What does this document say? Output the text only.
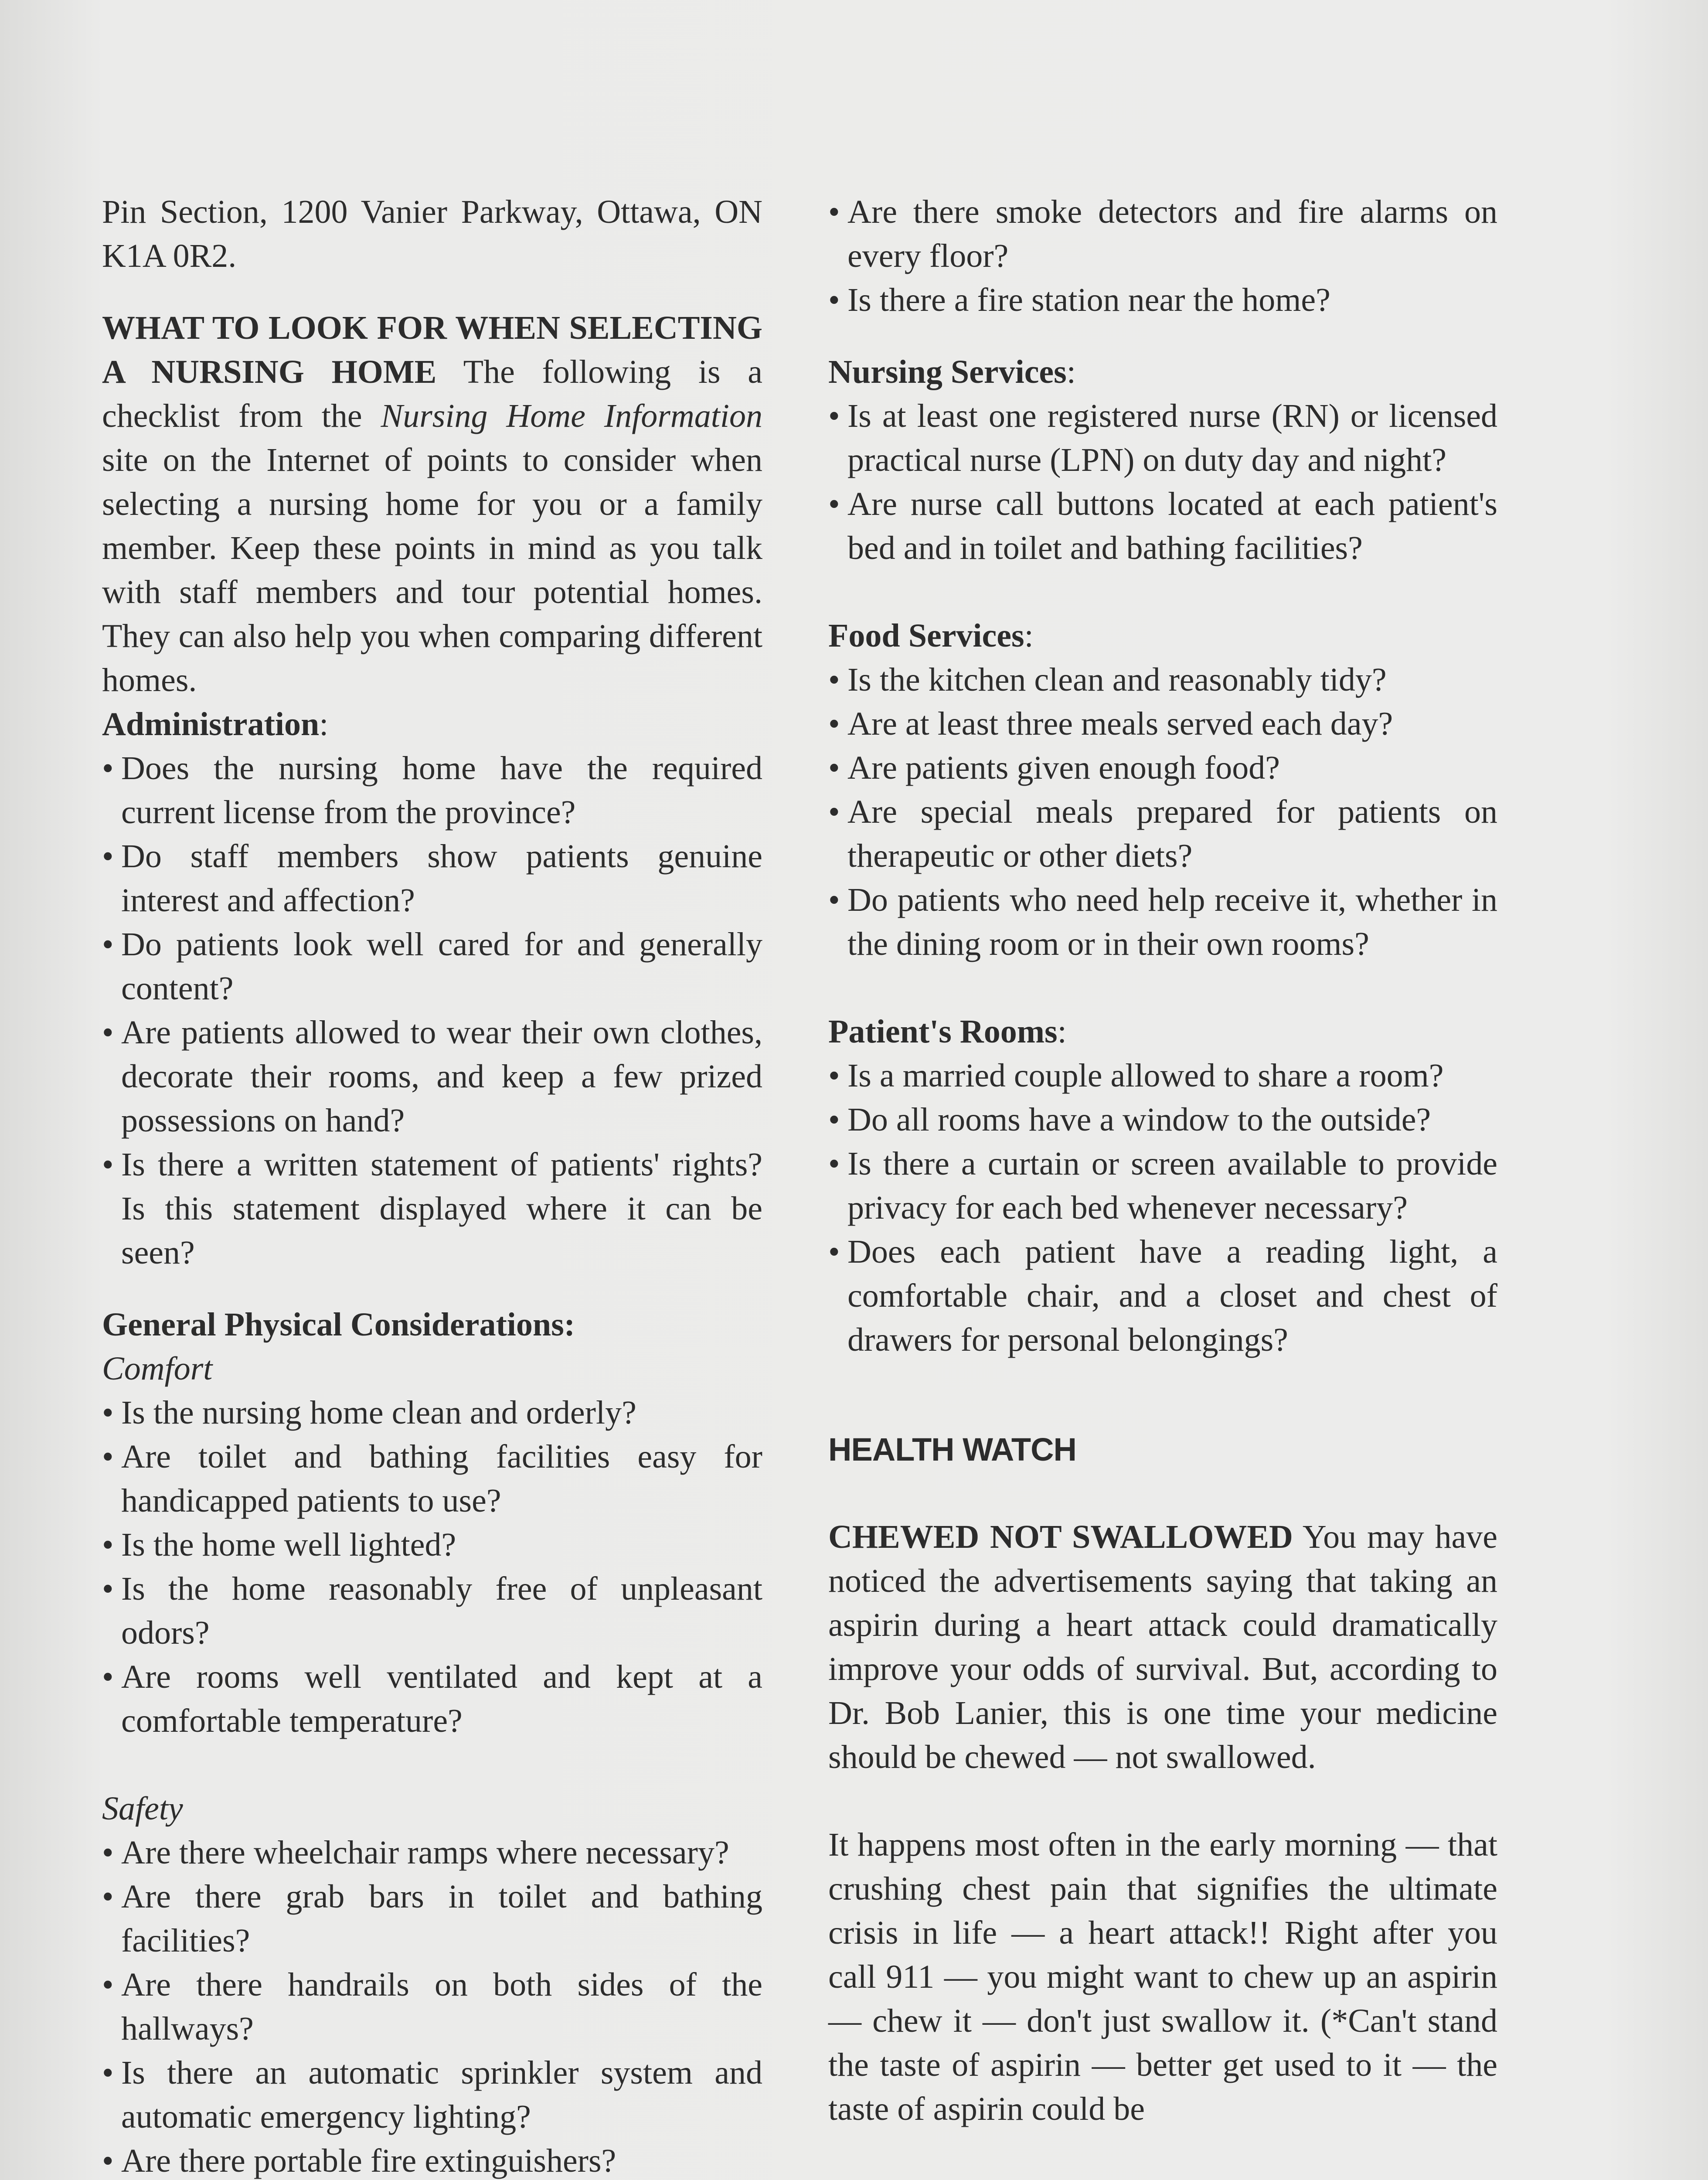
Pin Section, 1200 Vanier Parkway, Ottawa, ON K1A 0R2.

WHAT TO LOOK FOR WHEN SELECTING A NURSING HOME The following is a checklist from the Nursing Home Information site on the Internet of points to consider when selecting a nursing home for you or a family member. Keep these points in mind as you talk with staff members and tour potential homes. They can also help you when comparing different homes.

Administration:
• Does the nursing home have the required current license from the province?
• Do staff members show patients genuine interest and affection?
• Do patients look well cared for and generally content?
• Are patients allowed to wear their own clothes, decorate their rooms, and keep a few prized possessions on hand?
• Is there a written statement of patients' rights? Is this statement displayed where it can be seen?
General Physical Considerations:
Comfort
• Is the nursing home clean and orderly?
• Are toilet and bathing facilities easy for handicapped patients to use?
• Is the home well lighted?
• Is the home reasonably free of unpleasant odors?
• Are rooms well ventilated and kept at a comfortable temperature?
Safety
• Are there wheelchair ramps where necessary?
• Are there grab bars in toilet and bathing facilities?
• Are there handrails on both sides of the hallways?
• Is there an automatic sprinkler system and automatic emergency lighting?
• Are there portable fire extinguishers?
• Are there smoke detectors and fire alarms on every floor?
• Is there a fire station near the home?
Nursing Services:
• Is at least one registered nurse (RN) or licensed practical nurse (LPN) on duty day and night?
• Are nurse call buttons located at each patient's bed and in toilet and bathing facilities?
Food Services:
• Is the kitchen clean and reasonably tidy?
• Are at least three meals served each day?
• Are patients given enough food?
• Are special meals prepared for patients on therapeutic or other diets?
• Do patients who need help receive it, whether in the dining room or in their own rooms?
Patient's Rooms:
• Is a married couple allowed to share a room?
• Do all rooms have a window to the outside?
• Is there a curtain or screen available to provide privacy for each bed whenever necessary?
• Does each patient have a reading light, a comfortable chair, and a closet and chest of drawers for personal belongings?
HEALTH WATCH

CHEWED NOT SWALLOWED You may have noticed the advertisements saying that taking an aspirin during a heart attack could dramatically improve your odds of survival. But, according to Dr. Bob Lanier, this is one time your medicine should be chewed — not swallowed.

It happens most often in the early morning — that crushing chest pain that signifies the ultimate crisis in life — a heart attack!! Right after you call 911 — you might want to chew up an aspirin — chew it — don't just swallow it. (*Can't stand the taste of aspirin — better get used to it — the taste of aspirin could be
